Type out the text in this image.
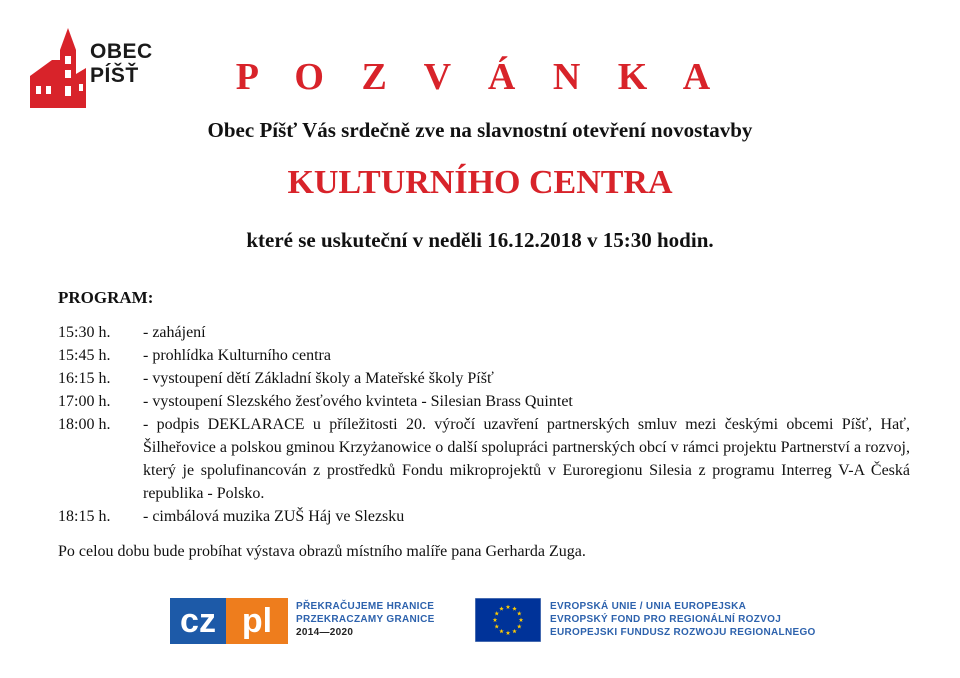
OBEC
PÍŠŤ	P O Z V Á N K A
Obec Píšť Vás srdečně zve na slavnostní otevření novostavby
KULTURNÍHO CENTRA
které se uskuteční v neděli 16.12.2018 v 15:30 hodin.
PROGRAM:
15:30 h.	- zahájení
15:45 h.	- prohlídka Kulturního centra
16:15 h.	- vystoupení dětí Základní školy a Mateřské školy Píšť
17:00 h.	- vystoupení Slezského žesťového kvinteta - Silesian Brass Quintet
18:00 h.	- podpis DEKLARACE u příležitosti 20. výročí uzavření partnerských smluv mezi českými obcemi Píšť, Hať, Šilheřovice a polskou gminou Krzyżanowice o další spolupráci partnerských obcí v rámci projektu Partnerství a rozvoj, který je spolufinancován z prostředků Fondu mikroprojektů v Euroregionu Silesia z programu Interreg V-A Česká republika - Polsko.
18:15 h.	- cimbálová muzika ZUŠ Háj ve Slezsku
Po celou dobu bude probíhat výstava obrazů místního malíře pana Gerharda Zuga.
cz pl	PŘEKRAČUJEME HRANICE
PRZEKRACZAMY GRANICE
2014—2020
EVROPSKÁ UNIE / UNIA EUROPEJSKA
EVROPSKÝ FOND PRO REGIONÁLNÍ ROZVOJ
EUROPEJSKI FUNDUSZ ROZWOJU REGIONALNEGO
